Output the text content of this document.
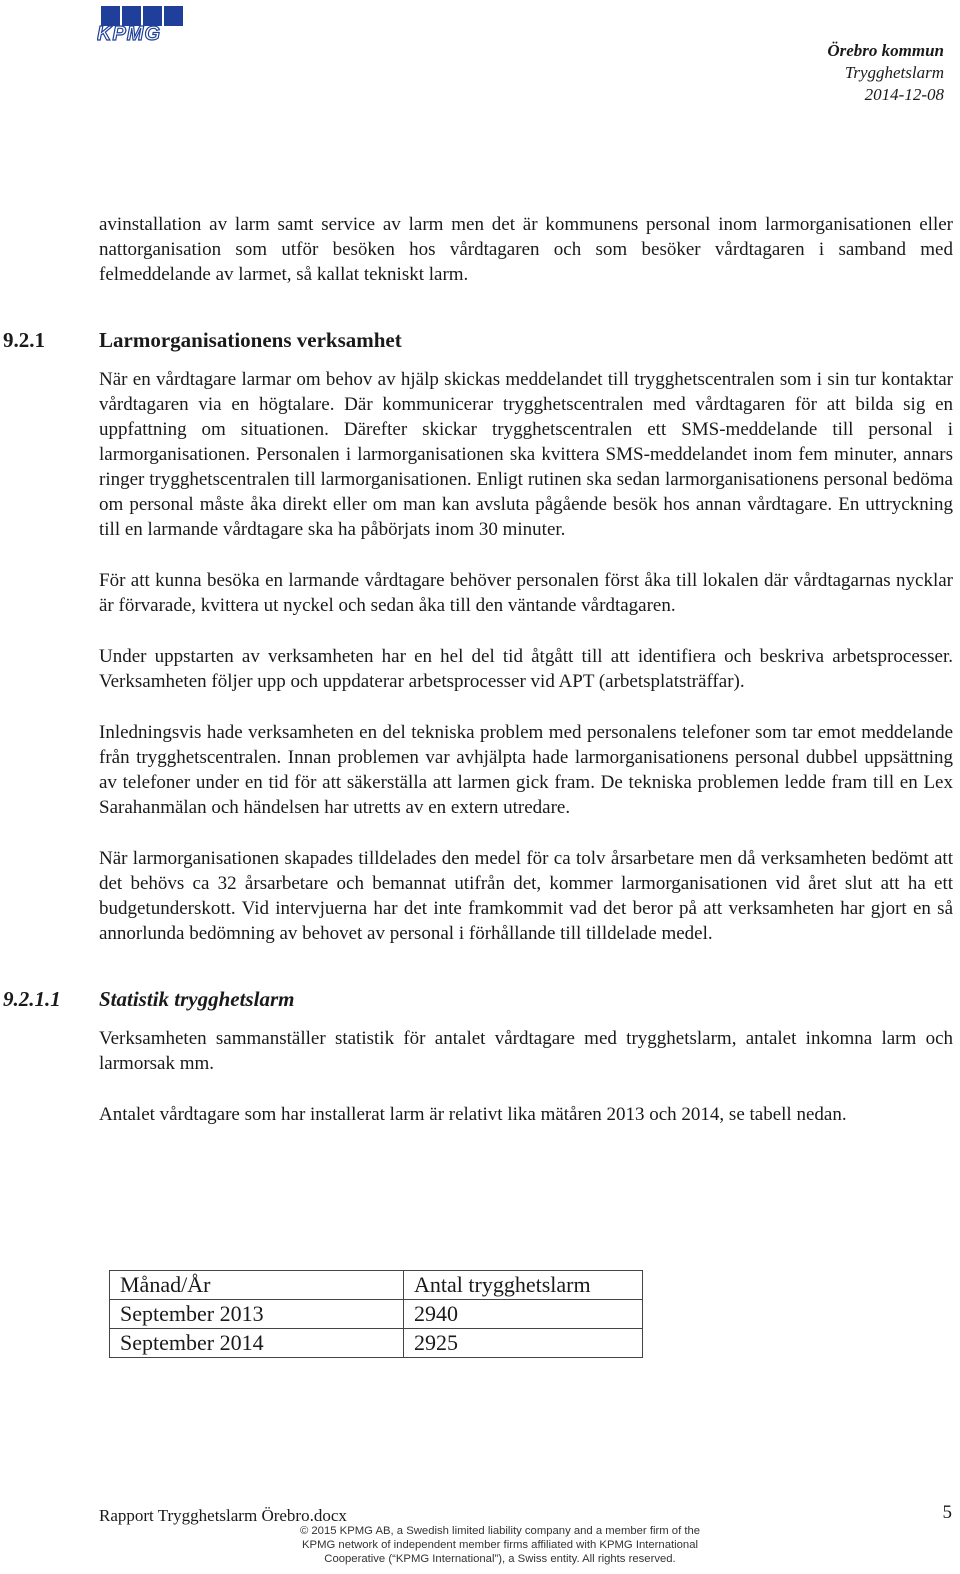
KPMG
Örebro kommun
Trygghetslarm
2014-12-08

avinstallation av larm samt service av larm men det är kommunens personal inom larmorganisationen eller nattorganisation som utför besöken hos vårdtagaren och som besöker vårdtagaren i samband med felmeddelande av larmet, så kallat tekniskt larm.

9.2.1	Larmorganisationens verksamhet

När en vårdtagare larmar om behov av hjälp skickas meddelandet till trygghetscentralen som i sin tur kontaktar vårdtagaren via en högtalare. Där kommunicerar trygghetscentralen med vårdtagaren för att bilda sig en uppfattning om situationen. Därefter skickar trygghetscentralen ett SMS-meddelande till personal i larmorganisationen. Personalen i larmorganisationen ska kvittera SMS-meddelandet inom fem minuter, annars ringer trygghetscentralen till larmorganisationen. Enligt rutinen ska sedan larmorganisationens personal bedöma om personal måste åka direkt eller om man kan avsluta pågående besök hos annan vårdtagare. En uttryckning till en larmande vårdtagare ska ha påbörjats inom 30 minuter.

För att kunna besöka en larmande vårdtagare behöver personalen först åka till lokalen där vårdtagarnas nycklar är förvarade, kvittera ut nyckel och sedan åka till den väntande vårdtagaren.

Under uppstarten av verksamheten har en hel del tid åtgått till att identifiera och beskriva arbetsprocesser. Verksamheten följer upp och uppdaterar arbetsprocesser vid APT (arbetsplatsträffar).

Inledningsvis hade verksamheten en del tekniska problem med personalens telefoner som tar emot meddelande från trygghetscentralen. Innan problemen var avhjälpta hade larmorganisationens personal dubbel uppsättning av telefoner under en tid för att säkerställa att larmen gick fram. De tekniska problemen ledde fram till en Lex Sarahanmälan och händelsen har utretts av en extern utredare.

När larmorganisationen skapades tilldelades den medel för ca tolv årsarbetare men då verksamheten bedömt att det behövs ca 32 årsarbetare och bemannat utifrån det, kommer larmorganisationen vid året slut att ha ett budgetunderskott. Vid intervjuerna har det inte framkommit vad det beror på att verksamheten har gjort en så annorlunda bedömning av behovet av personal i förhållande till tilldelade medel.

9.2.1.1 Statistik trygghetslarm

Verksamheten sammanställer statistik för antalet vårdtagare med trygghetslarm, antalet inkomna larm och larmorsak mm.

Antalet vårdtagare som har installerat larm är relativt lika mätåren 2013 och 2014, se tabell nedan.

Månad/År	Antal trygghetslarm
September 2013	2940
September 2014	2925
Rapport Trygghetslarm Örebro.docx	5
© 2015 KPMG AB, a Swedish limited liability company and a member firm of the
KPMG network of independent member firms affiliated with KPMG International
Cooperative (“KPMG International”), a Swiss entity. All rights reserved.
